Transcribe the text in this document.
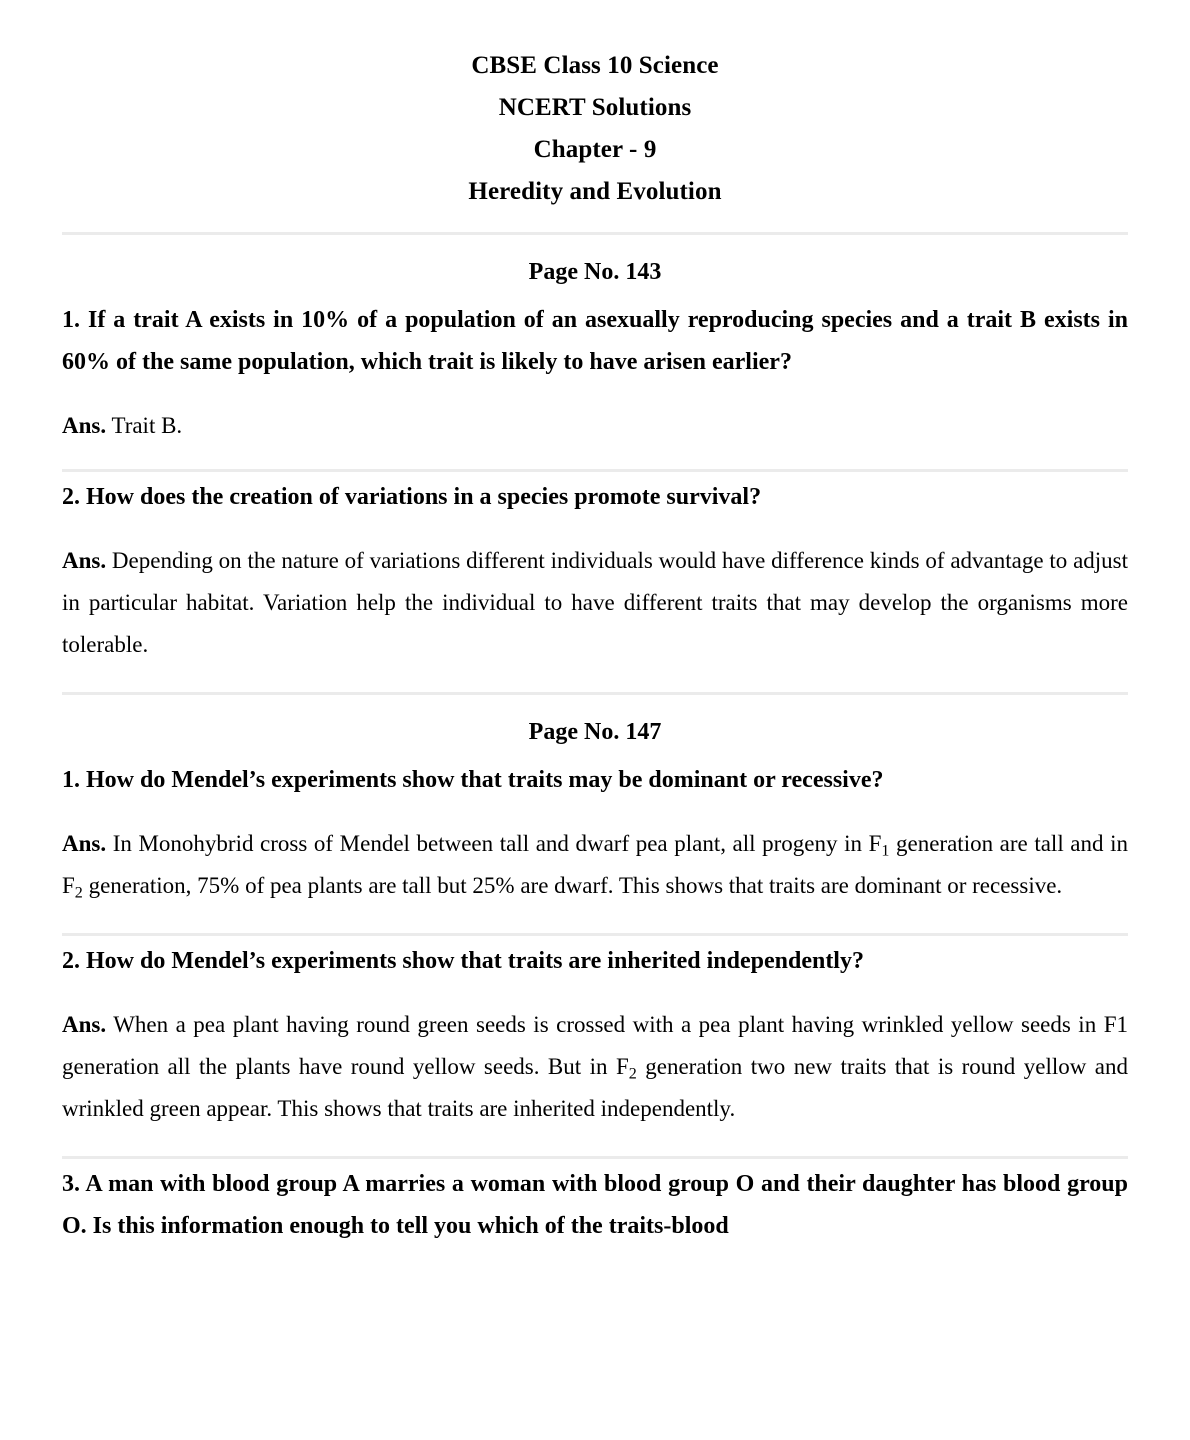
CBSE Class 10 Science
NCERT Solutions
Chapter - 9
Heredity and Evolution
Page No. 143

1. If a trait A exists in 10% of a population of an asexually reproducing species and a trait B exists in 60% of the same population, which trait is likely to have arisen earlier?

Ans. Trait B.

2. How does the creation of variations in a species promote survival?

Ans. Depending on the nature of variations different individuals would have difference kinds of advantage to adjust in particular habitat. Variation help the individual to have different traits that may develop the organisms more tolerable.

Page No. 147

1. How do Mendel’s experiments show that traits may be dominant or recessive?

Ans. In Monohybrid cross of Mendel between tall and dwarf pea plant, all progeny in $F_1$ generation are tall and in $F_2$ generation, 75% of pea plants are tall but 25% are dwarf. This shows that traits are dominant or recessive.

2. How do Mendel’s experiments show that traits are inherited independently?

Ans. When a pea plant having round green seeds is crossed with a pea plant having wrinkled yellow seeds in F1 generation all the plants have round yellow seeds. But in $F_2$ generation two new traits that is round yellow and wrinkled green appear. This shows that traits are inherited independently.

3. A man with blood group A marries a woman with blood group O and their daughter has blood group O. Is this information enough to tell you which of the traits-blood
